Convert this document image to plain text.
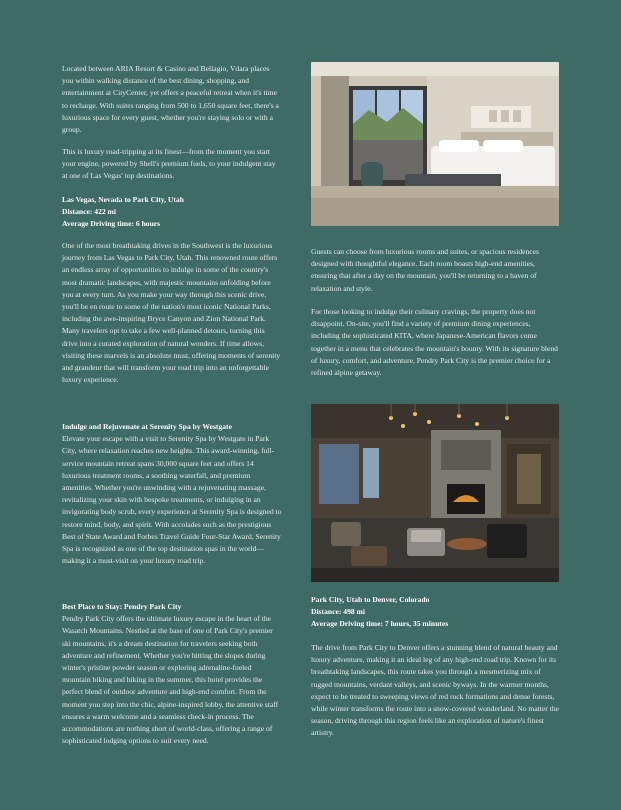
Located between ARIA Resort & Casino and Bellagio, Vdara places you within walking distance of the best dining, shopping, and entertainment at CityCenter, yet offers a peaceful retreat when it's time to recharge. With suites ranging from 500 to 1,650 square feet, there's a luxurious space for every guest, whether you're staying solo or with a group.

This is luxury road-tripping at its finest—from the moment you start your engine, powered by Shell's premium fuels, to your indulgent stay at one of Las Vegas' top destinations.

Las Vegas, Nevada to Park City, Utah

Distance: 422 mi

Average Driving time: 6 hours

One of the most breathtaking drives in the Southwest is the luxurious journey from Las Vegas to Park City, Utah. This renowned route offers an endless array of opportunities to indulge in some of the country's most dramatic landscapes, with majestic mountains unfolding before you at every turn. As you make your way through this scenic drive, you'll be en route to some of the nation's most iconic National Parks, including the awe-inspiring Bryce Canyon and Zion National Park. Many travelers opt to take a few well-planned detours, turning this drive into a curated exploration of natural wonders. If time allows, visiting these marvels is an absolute must, offering moments of serenity and grandeur that will transform your road trip into an unforgettable luxury experience.

Indulge and Rejuvenate at Serenity Spa by Westgate

Elevate your escape with a visit to Serenity Spa by Westgate in Park City, where relaxation reaches new heights. This award-winning, full-service mountain retreat spans 30,000 square feet and offers 14 luxurious treatment rooms, a soothing waterfall, and premium amenities. Whether you're unwinding with a rejuvenating massage, revitalizing your skin with bespoke treatments, or indulging in an invigorating body scrub, every experience at Serenity Spa is designed to restore mind, body, and spirit. With accolades such as the prestigious Best of State Award and Forbes Travel Guide Four-Star Award, Serenity Spa is recognized as one of the top destination spas in the world—making it a must-visit on your luxury road trip.

Best Place to Stay: Pendry Park City

Pendry Park City offers the ultimate luxury escape in the heart of the Wasatch Mountains. Nestled at the base of one of Park City's premier ski mountains, it's a dream destination for travelers seeking both adventure and refinement. Whether you're hitting the slopes during winter's pristine powder season or exploring adrenaline-fueled mountain biking and hiking in the summer, this hotel provides the perfect blend of outdoor adventure and high-end comfort. From the moment you step into the chic, alpine-inspired lobby, the attentive staff ensures a warm welcome and a seamless check-in process. The accommodations are nothing short of world-class, offering a range of sophisticated lodging options to suit every need.

Guests can choose from luxurious rooms and suites, or spacious residences designed with thoughtful elegance. Each room boasts high-end amenities, ensuring that after a day on the mountain, you'll be returning to a haven of relaxation and style.

For those looking to indulge their culinary cravings, the property does not disappoint. On-site, you'll find a variety of premium dining experiences, including the sophisticated KITA, where Japanese-American flavors come together in a menu that celebrates the mountain's bounty. With its signature blend of luxury, comfort, and adventure, Pendry Park City is the premier choice for a refined alpine getaway.

Park City, Utah to Denver, Colorado

Distance: 498 mi

Average Driving time: 7 hours, 35 minutes

The drive from Park City to Denver offers a stunning blend of natural beauty and luxury adventure, making it an ideal leg of any high-end road trip. Known for its breathtaking landscapes, this route takes you through a mesmerizing mix of rugged mountains, verdant valleys, and scenic byways. In the warmer months, expect to be treated to sweeping views of red rock formations and dense forests, while winter transforms the route into a snow-covered wonderland. No matter the season, driving through this region feels like an exploration of nature's finest artistry.
